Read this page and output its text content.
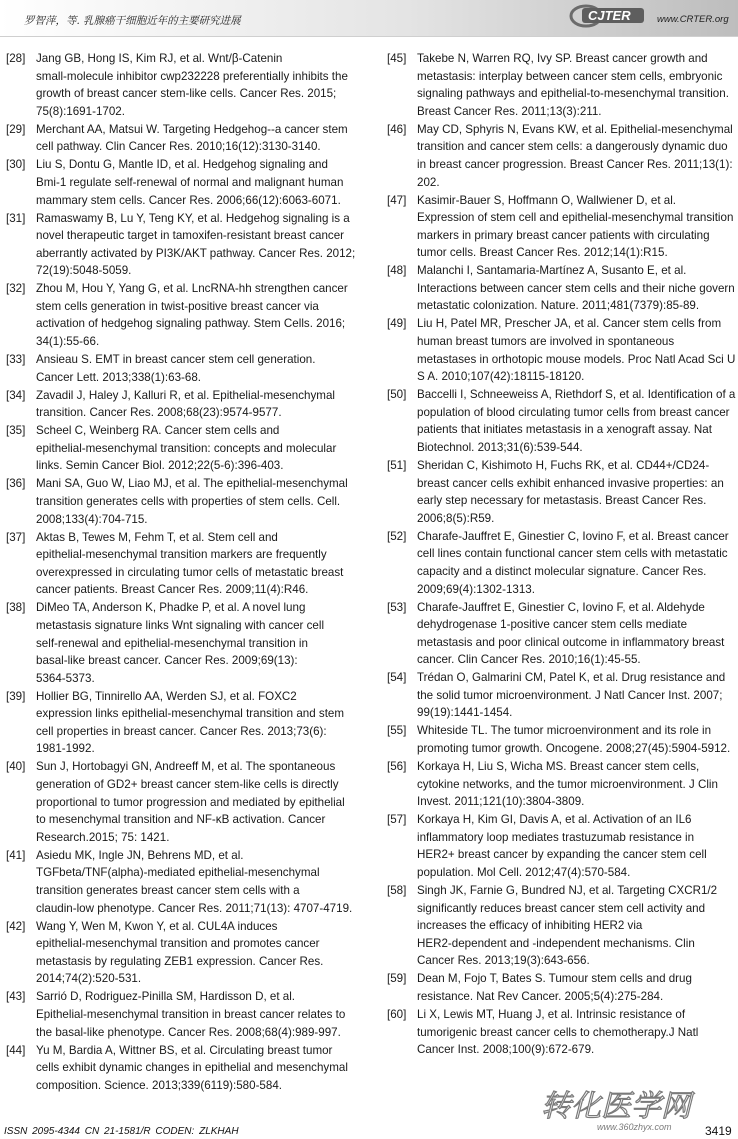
罗智萍，等. 乳腺癌干细胞近年的主要研究进展	CJTER	www.CRTER.org
[28] Jang GB, Hong IS, Kim RJ, et al. Wnt/β-Catenin
small-molecule inhibitor cwp232228 preferentially inhibits the
growth of breast cancer stem-like cells. Cancer Res. 2015;
75(8):1691-1702.
[29] Merchant AA, Matsui W. Targeting Hedgehog--a cancer stem
cell pathway. Clin Cancer Res. 2010;16(12):3130-3140.
[30] Liu S, Dontu G, Mantle ID, et al. Hedgehog signaling and
Bmi-1 regulate self-renewal of normal and malignant human
mammary stem cells. Cancer Res. 2006;66(12):6063-6071.
[31] Ramaswamy B, Lu Y, Teng KY, et al. Hedgehog signaling is a
novel therapeutic target in tamoxifen-resistant breast cancer
aberrantly activated by PI3K/AKT pathway. Cancer Res. 2012;
72(19):5048-5059.
[32] Zhou M, Hou Y, Yang G, et al. LncRNA-hh strengthen cancer
stem cells generation in twist-positive breast cancer via
activation of hedgehog signaling pathway. Stem Cells. 2016;
34(1):55-66.
[33] Ansieau S. EMT in breast cancer stem cell generation.
Cancer Lett. 2013;338(1):63-68.
[34] Zavadil J, Haley J, Kalluri R, et al. Epithelial-mesenchymal
transition. Cancer Res. 2008;68(23):9574-9577.
[35] Scheel C, Weinberg RA. Cancer stem cells and
epithelial-mesenchymal transition: concepts and molecular
links. Semin Cancer Biol. 2012;22(5-6):396-403.
[36] Mani SA, Guo W, Liao MJ, et al. The epithelial-mesenchymal
transition generates cells with properties of stem cells. Cell.
2008;133(4):704-715.
[37] Aktas B, Tewes M, Fehm T, et al. Stem cell and
epithelial-mesenchymal transition markers are frequently
overexpressed in circulating tumor cells of metastatic breast
cancer patients. Breast Cancer Res. 2009;11(4):R46.
[38] DiMeo TA, Anderson K, Phadke P, et al. A novel lung
metastasis signature links Wnt signaling with cancer cell
self-renewal and epithelial-mesenchymal transition in
basal-like breast cancer. Cancer Res. 2009;69(13):
5364-5373.
[39] Hollier BG, Tinnirello AA, Werden SJ, et al. FOXC2
expression links epithelial-mesenchymal transition and stem
cell properties in breast cancer. Cancer Res. 2013;73(6):
1981-1992.
[40] Sun J, Hortobagyi GN, Andreeff M, et al. The spontaneous
generation of GD2+ breast cancer stem-like cells is directly
proportional to tumor progression and mediated by epithelial
to mesenchymal transition and NF-κB activation. Cancer
Research.2015; 75: 1421.
[41] Asiedu MK, Ingle JN, Behrens MD, et al.
TGFbeta/TNF(alpha)-mediated epithelial-mesenchymal
transition generates breast cancer stem cells with a
claudin-low phenotype. Cancer Res. 2011;71(13): 4707-4719.
[42] Wang Y, Wen M, Kwon Y, et al. CUL4A induces
epithelial-mesenchymal transition and promotes cancer
metastasis by regulating ZEB1 expression. Cancer Res.
2014;74(2):520-531.
[43] Sarrió D, Rodriguez-Pinilla SM, Hardisson D, et al.
Epithelial-mesenchymal transition in breast cancer relates to
the basal-like phenotype. Cancer Res. 2008;68(4):989-997.
[44] Yu M, Bardia A, Wittner BS, et al. Circulating breast tumor
cells exhibit dynamic changes in epithelial and mesenchymal
composition. Science. 2013;339(6119):580-584.
[45] Takebe N, Warren RQ, Ivy SP. Breast cancer growth and
metastasis: interplay between cancer stem cells, embryonic
signaling pathways and epithelial-to-mesenchymal transition.
Breast Cancer Res. 2011;13(3):211.
[46] May CD, Sphyris N, Evans KW, et al. Epithelial-mesenchymal
transition and cancer stem cells: a dangerously dynamic duo
in breast cancer progression. Breast Cancer Res. 2011;13(1):
202.
[47] Kasimir-Bauer S, Hoffmann O, Wallwiener D, et al.
Expression of stem cell and epithelial-mesenchymal transition
markers in primary breast cancer patients with circulating
tumor cells. Breast Cancer Res. 2012;14(1):R15.
[48] Malanchi I, Santamaria-Martínez A, Susanto E, et al.
Interactions between cancer stem cells and their niche govern
metastatic colonization. Nature. 2011;481(7379):85-89.
[49] Liu H, Patel MR, Prescher JA, et al. Cancer stem cells from
human breast tumors are involved in spontaneous
metastases in orthotopic mouse models. Proc Natl Acad Sci U
S A. 2010;107(42):18115-18120.
[50] Baccelli I, Schneeweiss A, Riethdorf S, et al. Identification of a
population of blood circulating tumor cells from breast cancer
patients that initiates metastasis in a xenograft assay. Nat
Biotechnol. 2013;31(6):539-544.
[51] Sheridan C, Kishimoto H, Fuchs RK, et al. CD44+/CD24-
breast cancer cells exhibit enhanced invasive properties: an
early step necessary for metastasis. Breast Cancer Res.
2006;8(5):R59.
[52] Charafe-Jauffret E, Ginestier C, Iovino F, et al. Breast cancer
cell lines contain functional cancer stem cells with metastatic
capacity and a distinct molecular signature. Cancer Res.
2009;69(4):1302-1313.
[53] Charafe-Jauffret E, Ginestier C, Iovino F, et al. Aldehyde
dehydrogenase 1-positive cancer stem cells mediate
metastasis and poor clinical outcome in inflammatory breast
cancer. Clin Cancer Res. 2010;16(1):45-55.
[54] Trédan O, Galmarini CM, Patel K, et al. Drug resistance and
the solid tumor microenvironment. J Natl Cancer Inst. 2007;
99(19):1441-1454.
[55] Whiteside TL. The tumor microenvironment and its role in
promoting tumor growth. Oncogene. 2008;27(45):5904-5912.
[56] Korkaya H, Liu S, Wicha MS. Breast cancer stem cells,
cytokine networks, and the tumor microenvironment. J Clin
Invest. 2011;121(10):3804-3809.
[57] Korkaya H, Kim GI, Davis A, et al. Activation of an IL6
inflammatory loop mediates trastuzumab resistance in
HER2+ breast cancer by expanding the cancer stem cell
population. Mol Cell. 2012;47(4):570-584.
[58] Singh JK, Farnie G, Bundred NJ, et al. Targeting CXCR1/2
significantly reduces breast cancer stem cell activity and
increases the efficacy of inhibiting HER2 via
HER2-dependent and -independent mechanisms. Clin
Cancer Res. 2013;19(3):643-656.
[59] Dean M, Fojo T, Bates S. Tumour stem cells and drug
resistance. Nat Rev Cancer. 2005;5(4):275-284.
[60] Li X, Lewis MT, Huang J, et al. Intrinsic resistance of
tumorigenic breast cancer cells to chemotherapy.J Natl
Cancer Inst. 2008;100(9):672-679.
ISSN 2095-4344 CN 21-1581/R CODEN: ZLKHAH	3419
转化医学网
www.360zhyx.com
